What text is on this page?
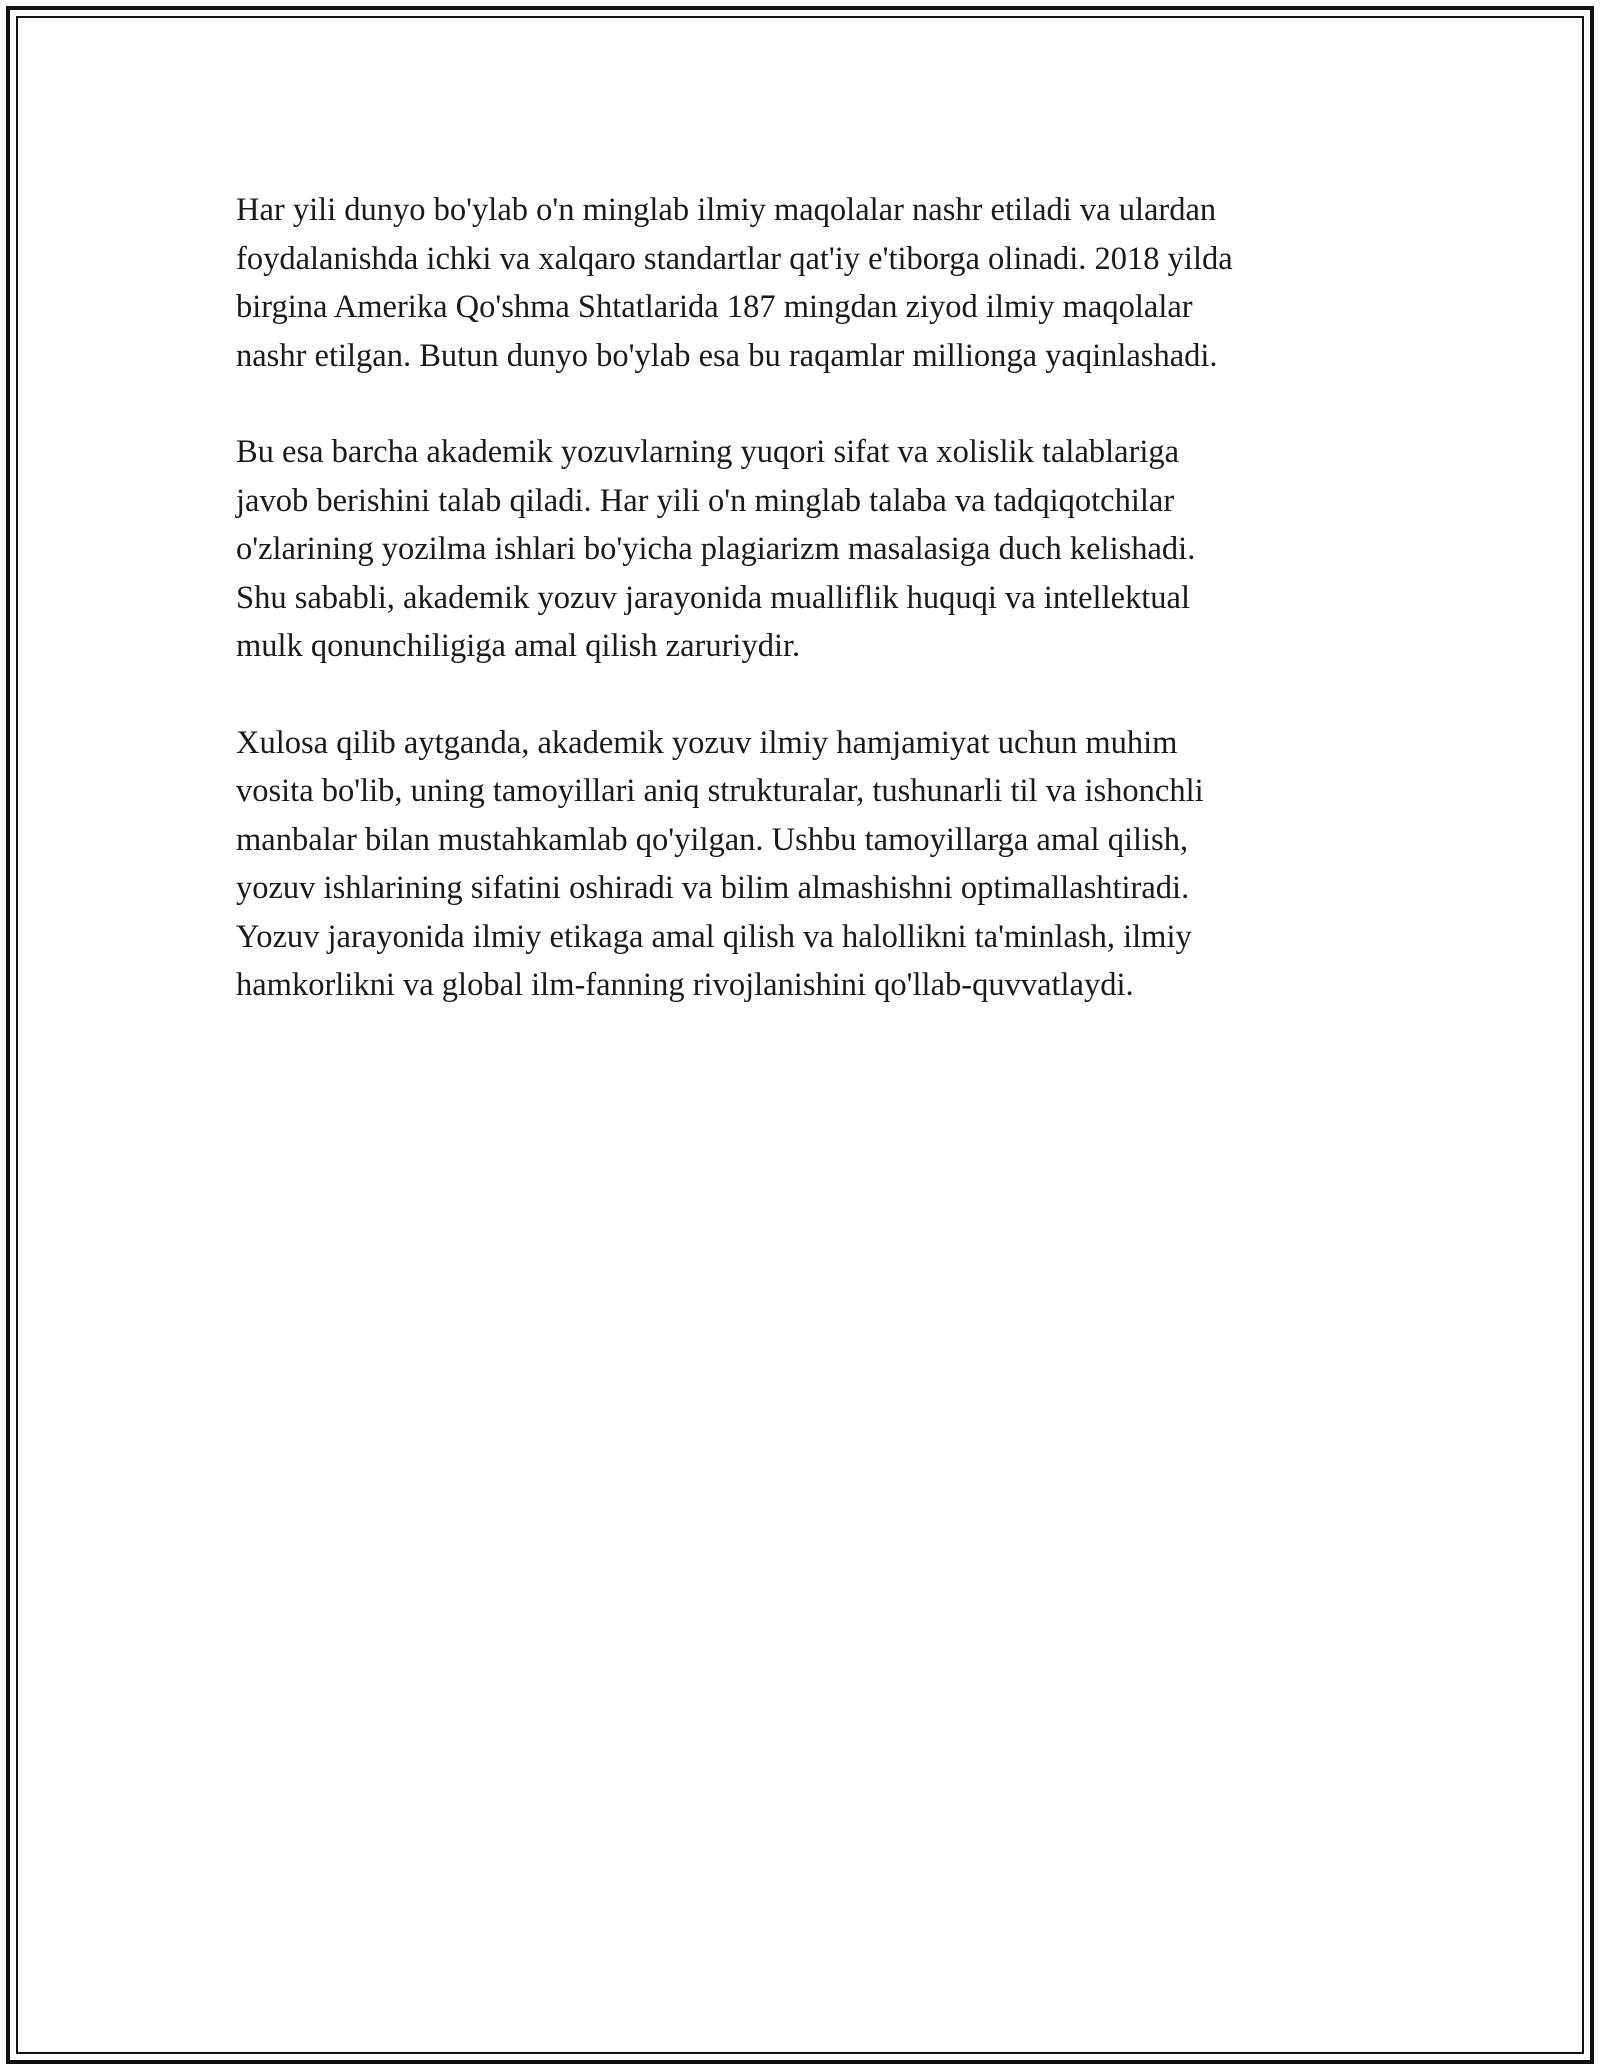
Har yili dunyo bo'ylab o'n minglab ilmiy maqolalar nashr etiladi va ulardan
foydalanishda ichki va xalqaro standartlar qat'iy e'tiborga olinadi. 2018 yilda
birgina Amerika Qo'shma Shtatlarida 187 mingdan ziyod ilmiy maqolalar
nashr etilgan. Butun dunyo bo'ylab esa bu raqamlar millionga yaqinlashadi.

Bu esa barcha akademik yozuvlarning yuqori sifat va xolislik talablariga
javob berishini talab qiladi. Har yili o'n minglab talaba va tadqiqotchilar
o'zlarining yozilma ishlari bo'yicha plagiarizm masalasiga duch kelishadi.
Shu sababli, akademik yozuv jarayonida mualliflik huquqi va intellektual
mulk qonunchiligiga amal qilish zaruriydir.

Xulosa qilib aytganda, akademik yozuv ilmiy hamjamiyat uchun muhim
vosita bo'lib, uning tamoyillari aniq strukturalar, tushunarli til va ishonchli
manbalar bilan mustahkamlab qo'yilgan. Ushbu tamoyillarga amal qilish,
yozuv ishlarining sifatini oshiradi va bilim almashishni optimallashtiradi.
Yozuv jarayonida ilmiy etikaga amal qilish va halollikni ta'minlash, ilmiy
hamkorlikni va global ilm-fanning rivojlanishini qo'llab-quvvatlaydi.
